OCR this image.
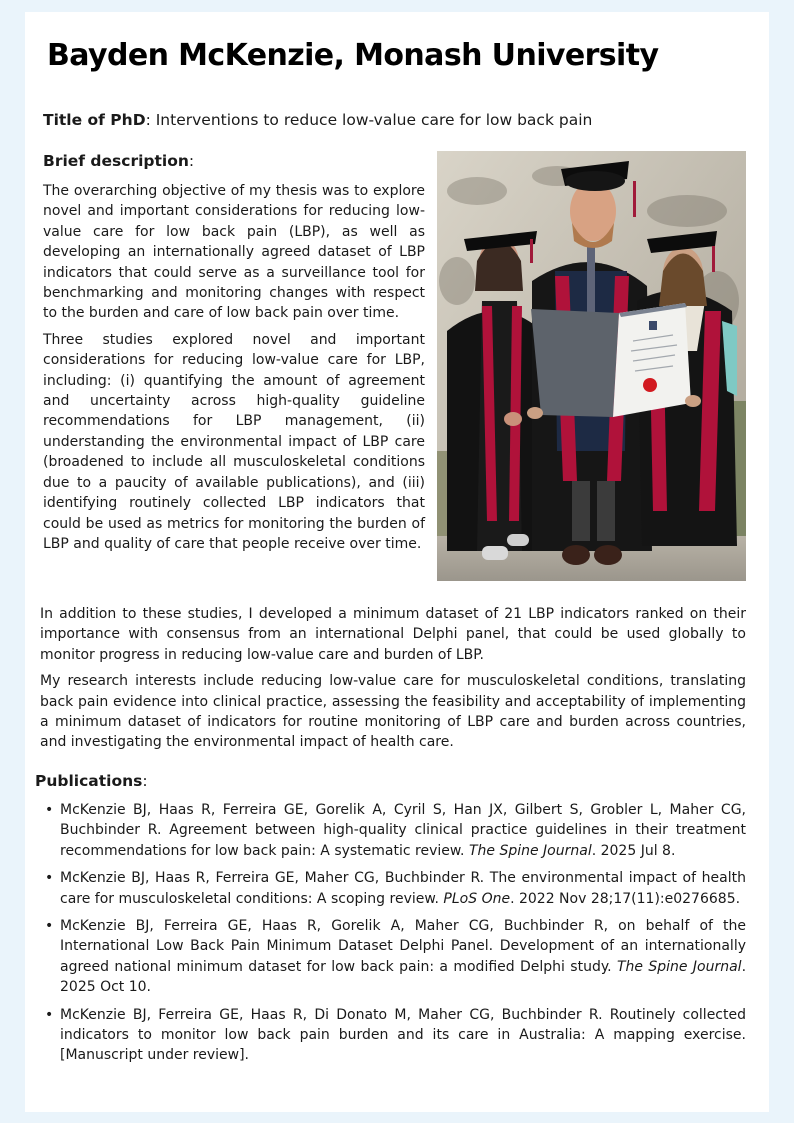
Bayden McKenzie, Monash University
Title of PhD: Interventions to reduce low-value care for low back pain
Brief description:

The overarching objective of my thesis was to explore novel and important considerations for reducing low-value care for low back pain (LBP), as well as developing an internationally agreed dataset of LBP indicators that could serve as a surveillance tool for benchmarking and monitoring changes with respect to the burden and care of low back pain over time.

Three studies explored novel and important considerations for reducing low-value care for LBP, including: (i) quantifying the amount of agreement and uncertainty across high-quality guideline recommendations for LBP management, (ii) understanding the environmental impact of LBP care (broadened to include all musculoskeletal conditions due to a paucity of available publications), and (iii) identifying routinely collected LBP indicators that could be used as metrics for monitoring the burden of LBP and quality of care that people receive over time.

In addition to these studies, I developed a minimum dataset of 21 LBP indicators ranked on their importance with consensus from an international Delphi panel, that could be used globally to monitor progress in reducing low-value care and burden of LBP.

My research interests include reducing low-value care for musculoskeletal conditions, translating back pain evidence into clinical practice, assessing the feasibility and acceptability of implementing a minimum dataset of indicators for routine monitoring of LBP care and burden across countries, and investigating the environmental impact of health care.

Publications:
• McKenzie BJ, Haas R, Ferreira GE, Gorelik A, Cyril S, Han JX, Gilbert S, Grobler L, Maher CG, Buchbinder R. Agreement between high-quality clinical practice guidelines in their treatment recommendations for low back pain: A systematic review. The Spine Journal. 2025 Jul 8.
• McKenzie BJ, Haas R, Ferreira GE, Maher CG, Buchbinder R. The environmental impact of health care for musculoskeletal conditions: A scoping review. PLoS One. 2022 Nov 28;17(11):e0276685.
• McKenzie BJ, Ferreira GE, Haas R, Gorelik A, Maher CG, Buchbinder R, on behalf of the International Low Back Pain Minimum Dataset Delphi Panel. Development of an internationally agreed national minimum dataset for low back pain: a modified Delphi study. The Spine Journal. 2025 Oct 10.
• McKenzie BJ, Ferreira GE, Haas R, Di Donato M, Maher CG, Buchbinder R. Routinely collected indicators to monitor low back pain burden and its care in Australia: A mapping exercise. [Manuscript under review].
